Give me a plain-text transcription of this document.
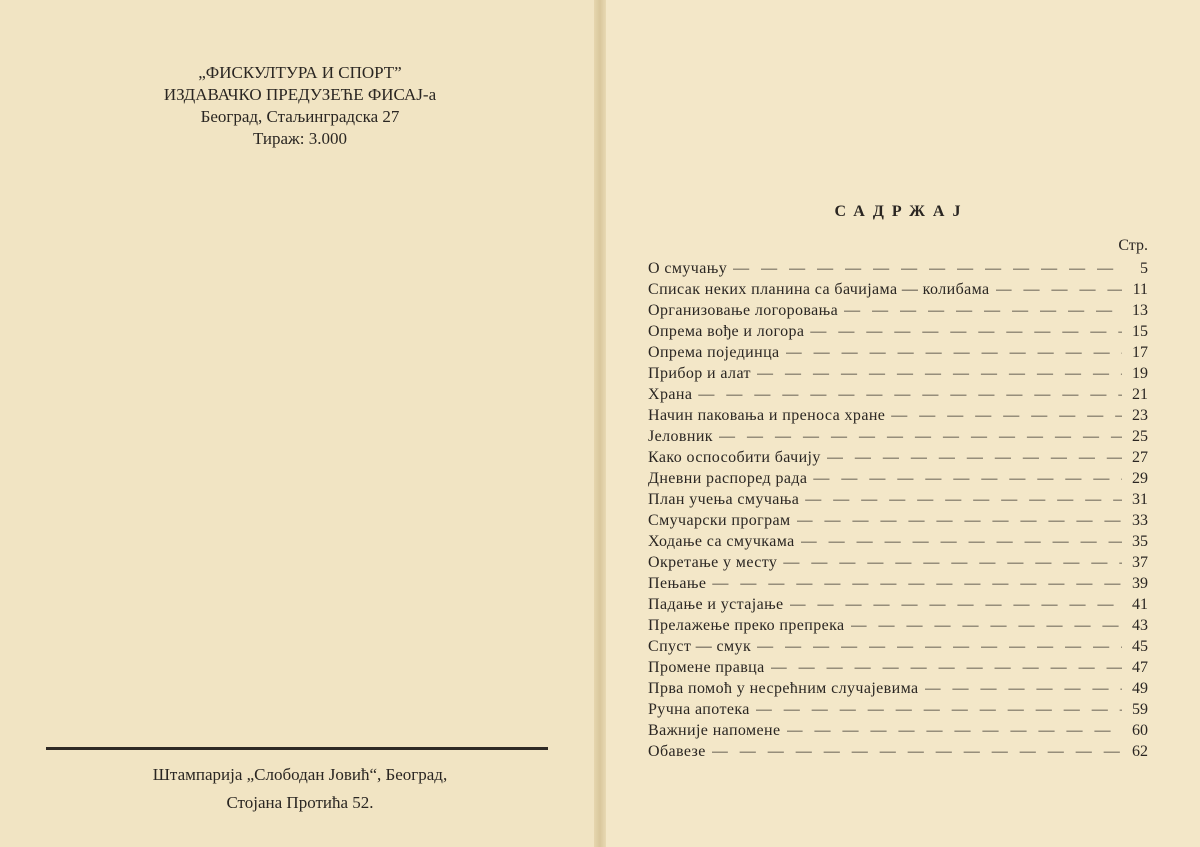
„ФИСКУЛТУРА И СПОРТ”
ИЗДАВАЧКО ПРЕДУЗЕЋЕ ФИСАЈ-а
Београд, Стаљинградска 27
Тираж: 3.000
Штампарија „Слободан Јовић“, Београд,
Стојана Протића 52.
САДРЖАЈ
Стр.
О смучању — — —	5
Списак неких планина са бачијама — колибама — — —	11
Организовање логоровања — — —	13
Опрема вође и логора — — —	15
Опрема појединца — — —	17
Прибор и алат — — —	19
Храна — — —	21
Начин паковања и преноса хране — — —	23
Јеловник — — —	25
Како оспособити бачију — — —	27
Дневни распоред рада — — —	29
План учења смучања — — —	31
Смучарски програм — — —	33
Ходање са смучкама — — —	35
Окретање у месту — — —	37
Пењање — — —	39
Падање и устајање — — —	41
Прелажење преко препрека — — —	43
Спуст — смук — — —	45
Промене правца — — —	47
Прва помоћ у несрећним случајевима — — —	49
Ручна апотека — — —	59
Важније напомене — — —	60
Обавезе — — —	62
